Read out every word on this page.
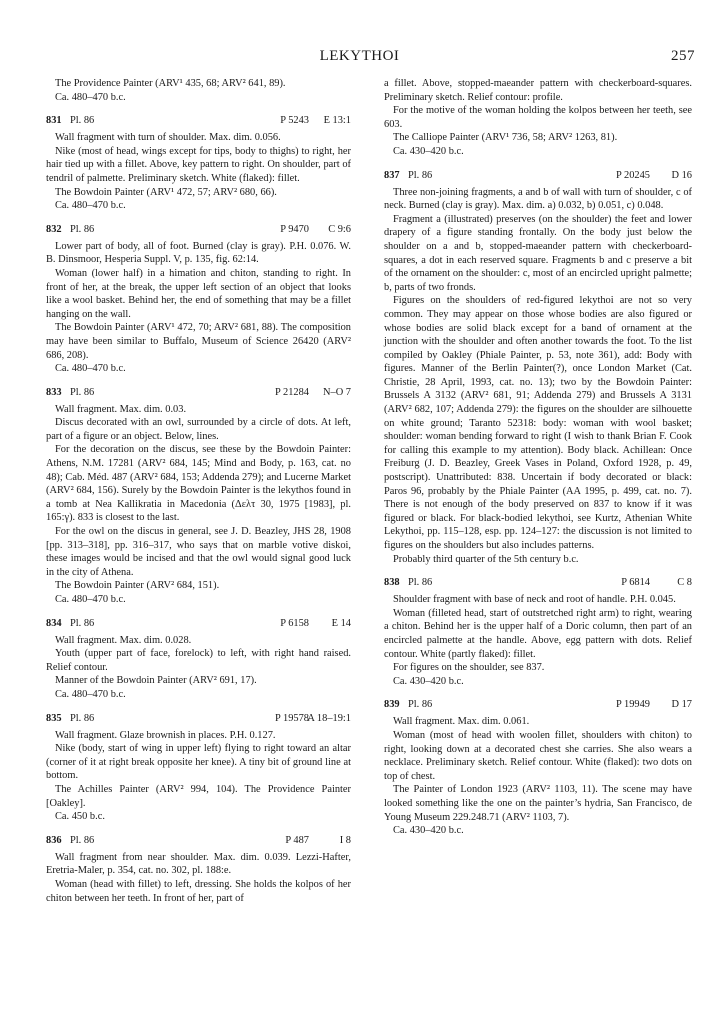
LEKYTHOI	257

The Providence Painter (ARV¹ 435, 68; ARV² 641, 89).

Ca. 480–470 b.c.

831 Pl. 86	P 5243 E 13:1

Wall fragment with turn of shoulder. Max. dim. 0.056.

Nike (most of head, wings except for tips, body to thighs) to right, her hair tied up with a fillet. Above, key pattern to right. On shoulder, part of tendril of palmette. Preliminary sketch. White (flaked): fillet.

The Bowdoin Painter (ARV¹ 472, 57; ARV² 680, 66).

Ca. 480–470 b.c.

832 Pl. 86	P 9470 C 9:6

Lower part of body, all of foot. Burned (clay is gray). P.H. 0.076. W. B. Dinsmoor, Hesperia Suppl. V, p. 135, fig. 62:14.

Woman (lower half) in a himation and chiton, standing to right. In front of her, at the break, the upper left section of an object that looks like a wool basket. Behind her, the end of something that may be a fillet hanging on the wall.

The Bowdoin Painter (ARV¹ 472, 70; ARV² 681, 88). The composition may have been similar to Buffalo, Museum of Science 26420 (ARV² 686, 208).

Ca. 480–470 b.c.

833 Pl. 86	P 21284 N–O 7

Wall fragment. Max. dim. 0.03.

Discus decorated with an owl, surrounded by a circle of dots. At left, part of a figure or an object. Below, lines.

For the decoration on the discus, see these by the Bowdoin Painter: Athens, N.M. 17281 (ARV² 684, 145; Mind and Body, p. 163, cat. no 48); Cab. Méd. 487 (ARV² 684, 153; Addenda 279); and Lucerne Market (ARV² 684, 156). Surely by the Bowdoin Painter is the lekythos found in a tomb at Nea Kallikratia in Macedonia (Δελτ 30, 1975 [1983], pl. 165:γ). 833 is closest to the last.

For the owl on the discus in general, see J. D. Beazley, JHS 28, 1908 [pp. 313–318], pp. 316–317, who says that on marble votive diskoi, these images would be incised and that the owl would signal good luck in the city of Athena.

The Bowdoin Painter (ARV² 684, 151).

Ca. 480–470 b.c.

834 Pl. 86	P 6158 E 14

Wall fragment. Max. dim. 0.028.

Youth (upper part of face, forelock) to left, with right hand raised. Relief contour.

Manner of the Bowdoin Painter (ARV² 691, 17).

Ca. 480–470 b.c.

835 Pl. 86	P 19578
A 18–19:1

Wall fragment. Glaze brownish in places. P.H. 0.127.

Nike (body, start of wing in upper left) flying to right toward an altar (corner of it at right break opposite her knee). A tiny bit of ground line at bottom.

The Achilles Painter (ARV² 994, 104). The Providence Painter [Oakley].

Ca. 450 b.c.

836 Pl. 86	P 487	I 8

Wall fragment from near shoulder. Max. dim. 0.039. Lezzi-Hafter, Eretria-Maler, p. 354, cat. no. 302, pl. 188:e.

Woman (head with fillet) to left, dressing. She holds the kolpos of her chiton between her teeth. In front of her, part of

a fillet. Above, stopped-maeander pattern with checkerboard-squares. Preliminary sketch. Relief contour: profile.

For the motive of the woman holding the kolpos between her teeth, see 603.

The Calliope Painter (ARV¹ 736, 58; ARV² 1263, 81).

Ca. 430–420 b.c.

837 Pl. 86	P 20245 D 16

Three non-joining fragments, a and b of wall with turn of shoulder, c of neck. Burned (clay is gray). Max. dim. a) 0.032, b) 0.051, c) 0.048.

Fragment a (illustrated) preserves (on the shoulder) the feet and lower drapery of a figure standing frontally. On the body just below the shoulder on a and b, stopped-maeander pattern with checkerboard-squares, a dot in each reserved square. Fragments b and c preserve a bit of the ornament on the shoulder: c, most of an encircled upright palmette; b, parts of two fronds.

Figures on the shoulders of red-figured lekythoi are not so very common. They may appear on those whose bodies are also figured or whose bodies are solid black except for a band of ornament at the junction with the shoulder and often another towards the foot. To the list compiled by Oakley (Phiale Painter, p. 53, note 361), add: Body with figures. Manner of the Berlin Painter(?), once London Market (Cat. Christie, 28 April, 1993, cat. no. 13); two by the Bowdoin Painter: Brussels A 3132 (ARV² 681, 91; Addenda 279) and Brussels A 3131 (ARV² 682, 107; Addenda 279): the figures on the shoulder are silhouette on white ground; Taranto 52318: body: woman with wool basket; shoulder: woman bending forward to right (I wish to thank Brian F. Cook for calling this example to my attention). Body black. Achillean: Once Freiburg (J. D. Beazley, Greek Vases in Poland, Oxford 1928, p. 49, postscript). Unattributed: 838. Uncertain if body decorated or black: Paros 96, probably by the Phiale Painter (AA 1995, p. 499, cat. no. 7). There is not enough of the body preserved on 837 to know if it was figured or black. For black-bodied lekythoi, see Kurtz, Athenian White Lekythoi, pp. 115–128, esp. pp. 124–127: the discussion is not limited to figures on the shoulders but also includes patterns.

Probably third quarter of the 5th century b.c.

838 Pl. 86	P 6814	C 8

Shoulder fragment with base of neck and root of handle. P.H. 0.045.

Woman (filleted head, start of outstretched right arm) to right, wearing a chiton. Behind her is the upper half of a Doric column, then part of an encircled palmette at the handle. Above, egg pattern with dots. Relief contour. White (partly flaked): fillet.

For figures on the shoulder, see 837.

Ca. 430–420 b.c.

839 Pl. 86	P 19949 D 17

Wall fragment. Max. dim. 0.061.

Woman (most of head with woolen fillet, shoulders with chiton) to right, looking down at a decorated chest she carries. She also wears a necklace. Preliminary sketch. Relief contour. White (flaked): two dots on top of chest.

The Painter of London 1923 (ARV² 1103, 11). The scene may have looked something like the one on the painter’s hydria, San Francisco, de Young Museum 229.248.71 (ARV² 1103, 7).

Ca. 430–420 b.c.
